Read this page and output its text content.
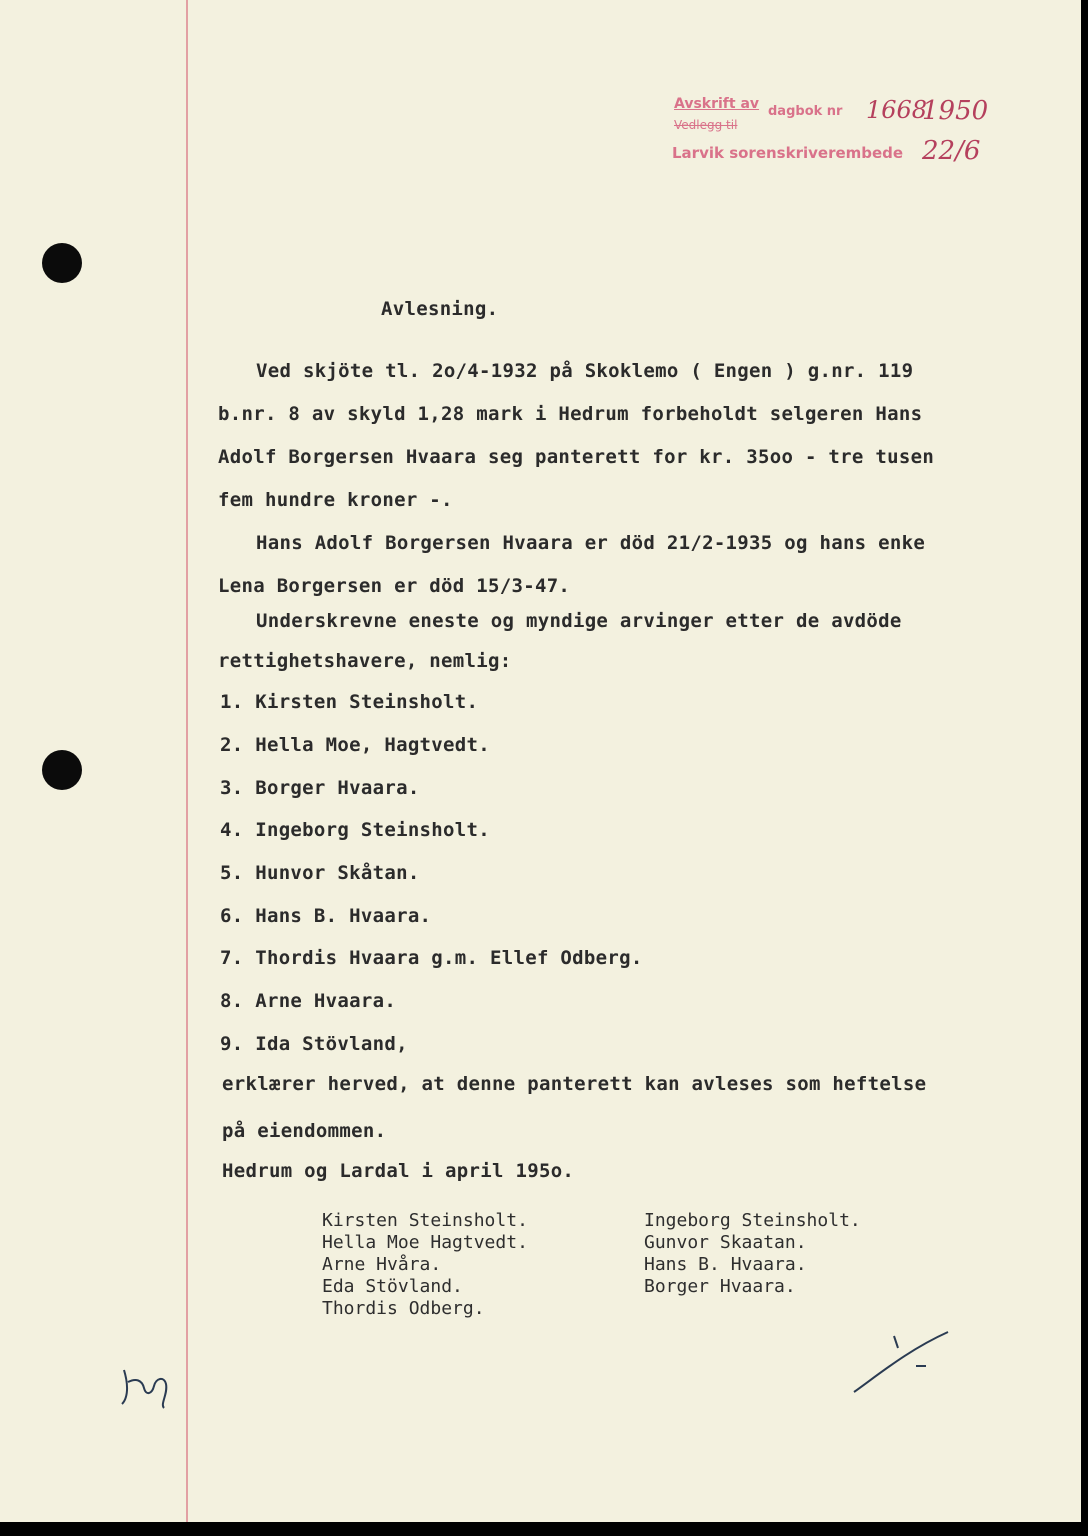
Avskrift av dagbok nr
Vedlegg til
Larvik sorenskriverembede
1668
1950
22/6
Avlesning.
Ved skjöte tl. 2o/4-1932 på Skoklemo ( Engen ) g.nr. 119
b.nr. 8 av skyld 1,28 mark i Hedrum forbeholdt selgeren Hans
Adolf Borgersen Hvaara seg panterett for kr. 35oo - tre tusen
fem hundre kroner -.
Hans Adolf Borgersen Hvaara er död 21/2-1935 og hans enke
Lena Borgersen er död 15/3-47.
Underskrevne eneste og myndige arvinger etter de avdöde
rettighetshavere, nemlig:
1. Kirsten Steinsholt.
2. Hella Moe, Hagtvedt.
3. Borger Hvaara.
4. Ingeborg Steinsholt.
5. Hunvor Skåtan.
6. Hans B. Hvaara.
7. Thordis Hvaara g.m. Ellef Odberg.
8. Arne Hvaara.
9. Ida Stövland,
erklærer herved, at denne panterett kan avleses som heftelse
på eiendommen.
Hedrum og Lardal i april 195o.
Kirsten Steinsholt.
Hella Moe Hagtvedt.
Arne Hvåra.
Eda Stövland.
Thordis Odberg.
Ingeborg Steinsholt.
Gunvor Skaatan.
Hans B. Hvaara.
Borger Hvaara.
